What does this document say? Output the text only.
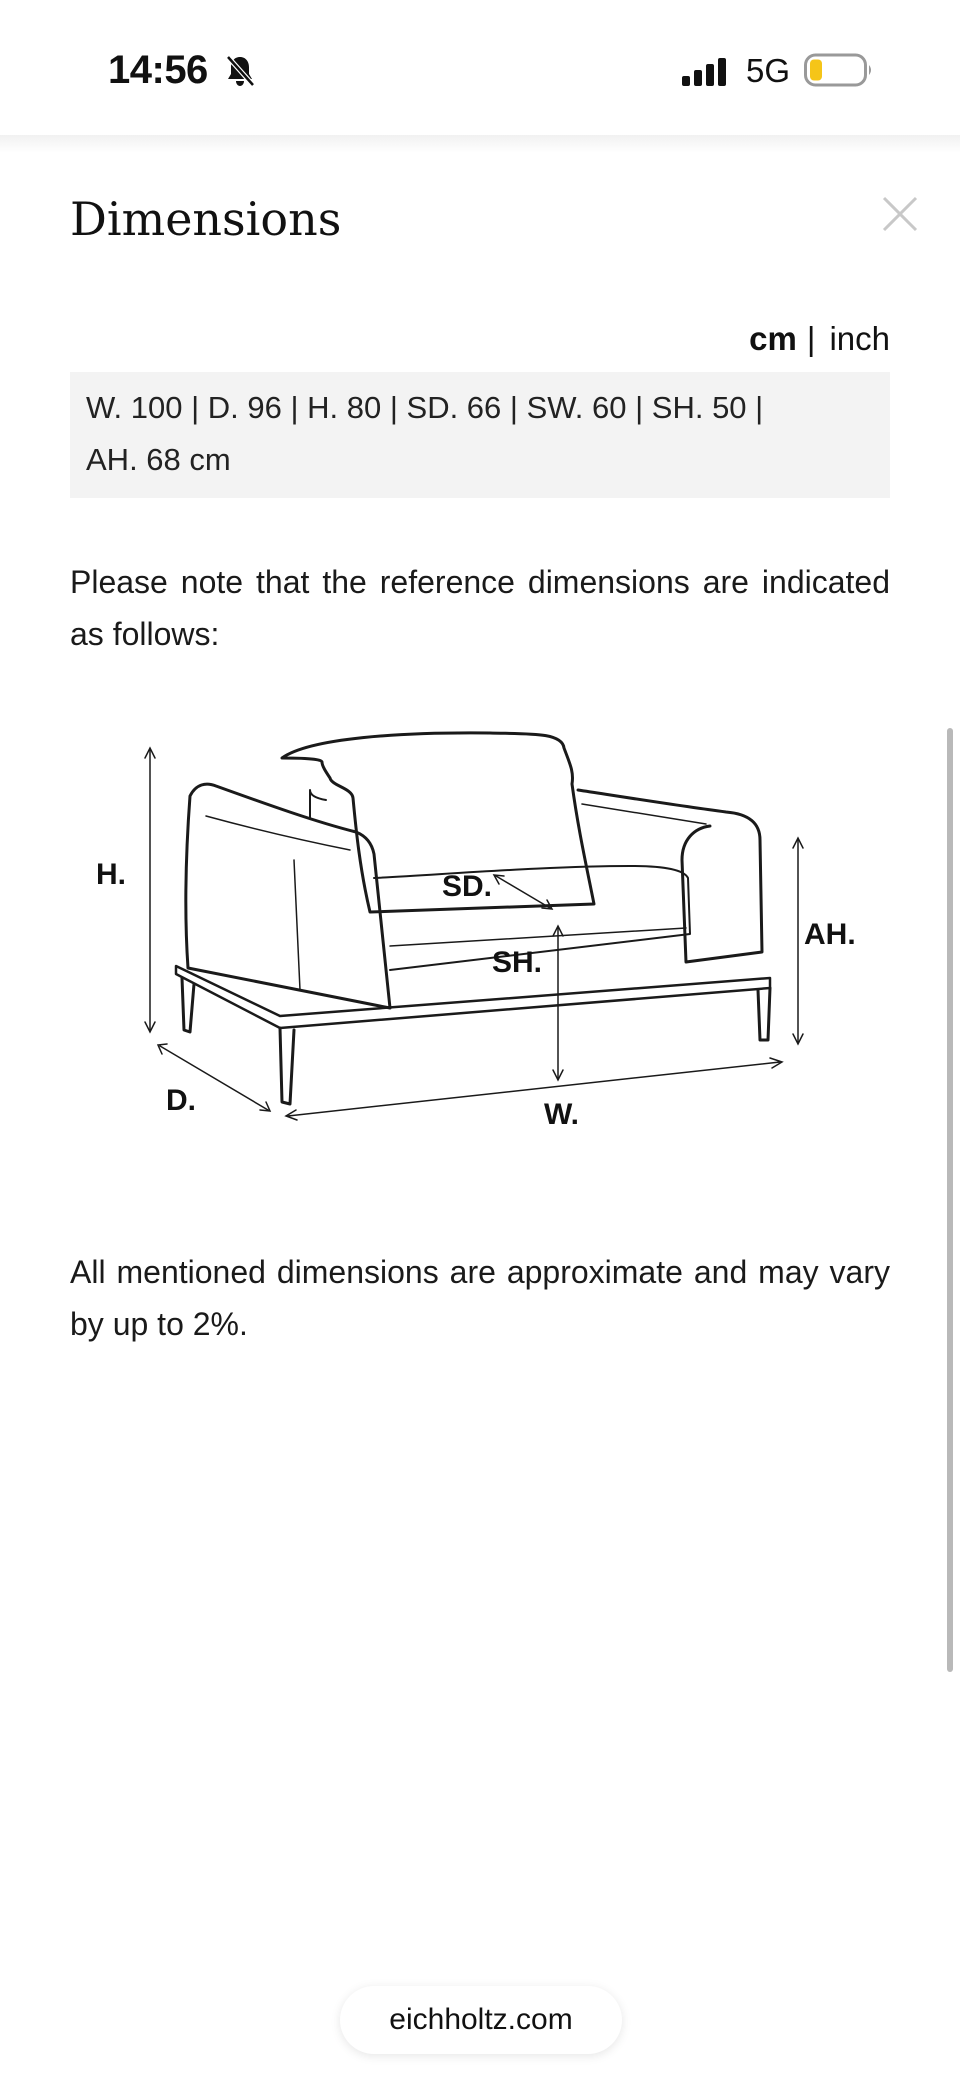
14:56	5G
Dimensions
cm | inch
W. 100 | D. 96 | H. 80 | SD. 66 | SW. 60 | SH. 50 |
AH. 68 cm

Please note that the reference dimensions are indicated as follows:

H.	SD.
SH.
AH.
D.	W.

All mentioned dimensions are approximate and may vary by up to 2%.

eichholtz.com
